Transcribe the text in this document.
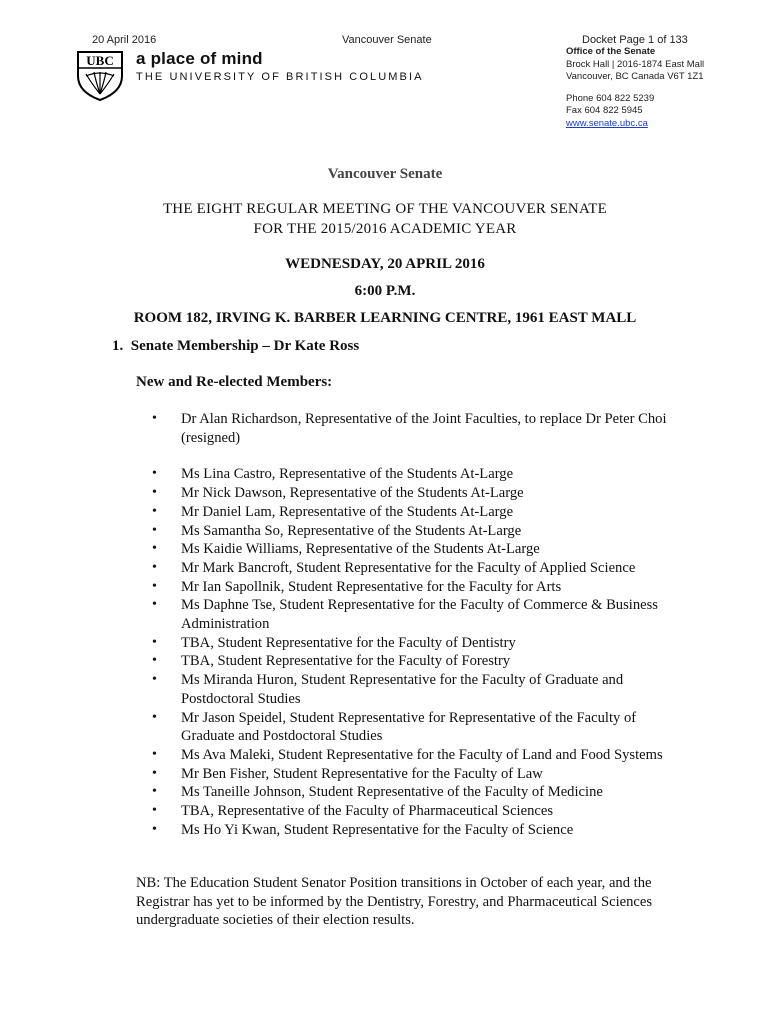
20 April 2016	Vancouver Senate	Docket Page 1 of 133
UBC a place of mind
THE UNIVERSITY OF BRITISH COLUMBIA
Office of the Senate
Brock Hall | 2016-1874 East Mall
Vancouver, BC Canada V6T 1Z1
Phone 604 822 5239
Fax 604 822 5945
www.senate.ubc.ca
Vancouver Senate
THE EIGHT REGULAR MEETING OF THE VANCOUVER SENATE
FOR THE 2015/2016 ACADEMIC YEAR
WEDNESDAY, 20 APRIL 2016
6:00 P.M.
ROOM 182, IRVING K. BARBER LEARNING CENTRE, 1961 EAST MALL
1.  Senate Membership – Dr Kate Ross
New and Re-elected Members:
• Dr Alan Richardson, Representative of the Joint Faculties, to replace Dr Peter Choi (resigned)
• Ms Lina Castro, Representative of the Students At-Large
• Mr Nick Dawson, Representative of the Students At-Large
• Mr Daniel Lam, Representative of the Students At-Large
• Ms Samantha So, Representative of the Students At-Large
• Ms Kaidie Williams, Representative of the Students At-Large
• Mr Mark Bancroft, Student Representative for the Faculty of Applied Science
• Mr Ian Sapollnik, Student Representative for the Faculty for Arts
• Ms Daphne Tse, Student Representative for the Faculty of Commerce & Business Administration
• TBA, Student Representative for the Faculty of Dentistry
• TBA, Student Representative for the Faculty of Forestry
• Ms Miranda Huron, Student Representative for the Faculty of Graduate and Postdoctoral Studies
• Mr Jason Speidel, Student Representative for Representative of the Faculty of Graduate and Postdoctoral Studies
• Ms Ava Maleki, Student Representative for the Faculty of Land and Food Systems
• Mr Ben Fisher, Student Representative for the Faculty of Law
• Ms Taneille Johnson, Student Representative of the Faculty of Medicine
• TBA, Representative of the Faculty of Pharmaceutical Sciences
• Ms Ho Yi Kwan, Student Representative for the Faculty of Science
NB: The Education Student Senator Position transitions in October of each year, and the Registrar has yet to be informed by the Dentistry, Forestry, and Pharmaceutical Sciences undergraduate societies of their election results.
